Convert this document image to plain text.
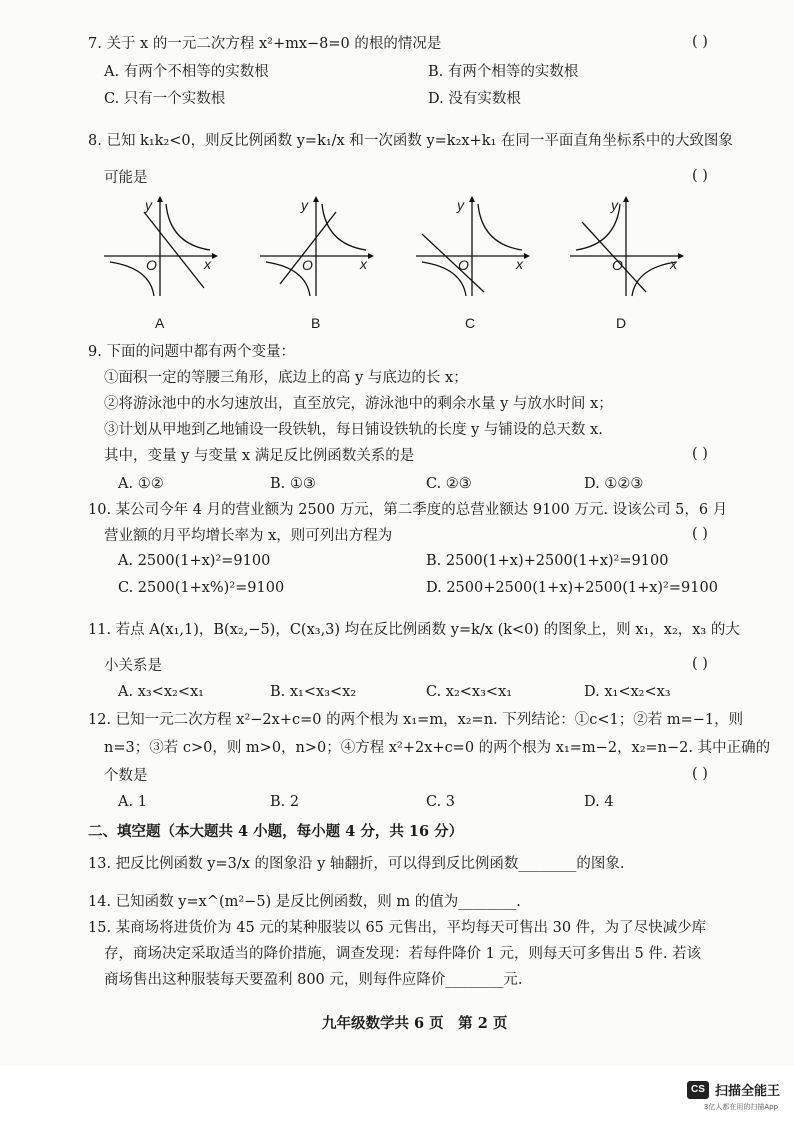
7. 关于 x 的一元二次方程 x²+mx−8=0 的根的情况是	( )
A. 有两个不相等的实数根	B. 有两个相等的实数根
C. 只有一个实数根	D. 没有实数根
8. 已知 k₁k₂<0，则反比例函数 y=k₁/x 和一次函数 y=k₂x+k₁ 在同一平面直角坐标系中的大致图象
可能是	( )
y
x
O
A
y
x
O
B
y
x
O
C
y
x
O
D
9. 下面的问题中都有两个变量：
①面积一定的等腰三角形，底边上的高 y 与底边的长 x；
②将游泳池中的水匀速放出，直至放完，游泳池中的剩余水量 y 与放水时间 x；
③计划从甲地到乙地铺设一段铁轨，每日铺设铁轨的长度 y 与铺设的总天数 x.
其中，变量 y 与变量 x 满足反比例函数关系的是	( )
A. ①②	B. ①③	C. ②③	D. ①②③
10. 某公司今年 4 月的营业额为 2500 万元，第二季度的总营业额达 9100 万元. 设该公司 5，6 月
营业额的月平均增长率为 x，则可列出方程为	( )
A. 2500(1+x)²=9100	B. 2500(1+x)+2500(1+x)²=9100
C. 2500(1+x%)²=9100	D. 2500+2500(1+x)+2500(1+x)²=9100
11. 若点 A(x₁,1)，B(x₂,−5)，C(x₃,3) 均在反比例函数 y=k/x (k<0) 的图象上，则 x₁，x₂，x₃ 的大
小关系是	( )
A. x₃<x₂<x₁	B. x₁<x₃<x₂	C. x₂<x₃<x₁	D. x₁<x₂<x₃
12. 已知一元二次方程 x²−2x+c=0 的两个根为 x₁=m，x₂=n. 下列结论：①c<1；②若 m=−1，则
n=3；③若 c>0，则 m>0，n>0；④方程 x²+2x+c=0 的两个根为 x₁=m−2，x₂=n−2. 其中正确的
个数是	( )
A. 1	B. 2	C. 3	D. 4
二、填空题（本大题共 4 小题，每小题 4 分，共 16 分）
13. 把反比例函数 y=3/x 的图象沿 y 轴翻折，可以得到反比例函数________的图象.
14. 已知函数 y=x^(m²−5) 是反比例函数，则 m 的值为________.
15. 某商场将进货价为 45 元的某种服装以 65 元售出，平均每天可售出 30 件，为了尽快减少库
存，商场决定采取适当的降价措施，调查发现：若每件降价 1 元，则每天可多售出 5 件. 若该
商场售出这种服装每天要盈利 800 元，则每件应降价________元.
九年级数学共 6 页　第 2 页
CS 扫描全能王
3亿人都在用的扫描App
